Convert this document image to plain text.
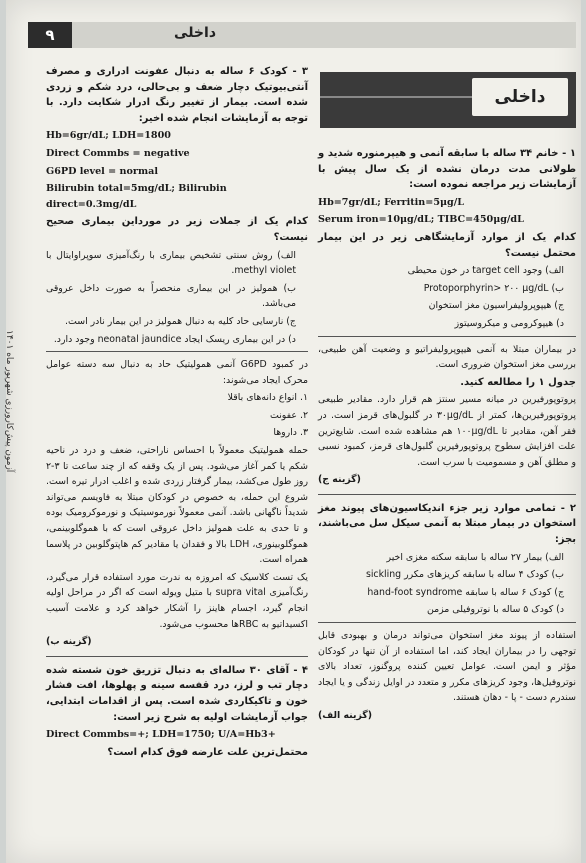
۹	داخلی
آزمون پیش‌کارورزی شهریور ماه ۱۴۰۱
داخلی

۱ - خانم ۳۴ ساله با سابقه آنمی و هیپرمنوره شدید و طولانی مدت درمان نشده از یک سال پیش با آزمایشات زیر مراجعه نموده است:

Hb=7gr/dL; Ferritin=5μg/L

Serum iron=10μg/dL; TIBC=450μg/dL

کدام یک از موارد آزمایشگاهی زیر در این بیمار محتمل نیست؟

الف) وجود target cell در خون محیطی

ب) Protoporphyrin> ۲۰۰ μg/dL

ج) هیپوپرولیفراسیون مغز استخوان

د) هیپوکرومی و میکروسیتوز

در بیماران مبتلا به آنمی هیپوپرولیفراتیو و وضعیت آهن طبیعی، بررسی مغز استخوان ضروری است.

جدول ۱ را مطالعه کنید.

پروتوپورفیرین در میانه مسیر سنتز هم قرار دارد. مقادیر طبیعی پروتوپورفیرین‌ها، کمتر از ۳۰μg/dL در گلبول‌های قرمز است. در فقر آهن، مقادیر تا ۱۰۰μg/dL هم مشاهده شده است. شایع‌ترین علت افزایش سطوح پروتوپورفیرین گلبول‌های قرمز، کمبود نسبی و مطلق آهن و مسمومیت با سرب است.

(گزینه ج)

۲ - تمامی موارد زیر جزء اندیکاسیون‌های پیوند مغز استخوان در بیمار مبتلا به آنمی سیکل سل می‌باشند، بجز:

الف) بیمار ۲۷ ساله با سابقه سکته مغزی اخیر

ب) کودک ۴ ساله با سابقه کریزهای مکرر sickling

ج) کودک ۶ ساله با سابقه hand-foot syndrome

د) کودک ۵ ساله با نوتروفیلی مزمن

استفاده از پیوند مغز استخوان می‌تواند درمان و بهبودی قابل توجهی را در بیماران ایجاد کند، اما استفاده از آن تنها در کودکان مؤثر و ایمن است. عوامل تعیین کننده پروگنوز، تعداد بالای نوتروفیل‌ها، وجود کریزهای مکرر و متعدد در اوایل زندگی و یا ایجاد سندرم دست - پا - دهان هستند.

(گزینه الف)

۳ - کودک ۶ ساله به دنبال عفونت ادراری و مصرف آنتی‌بیوتیک دچار ضعف و بی‌حالی، درد شکم و زردی شده است. بیمار از تغییر رنگ ادرار شکایت دارد. با توجه به آزمایشات انجام شده اخیر:

Hb=6gr/dL; LDH=1800

Direct Commbs = negative

G6PD level = normal

Bilirubin total=5mg/dL; Bilirubin direct=0.3mg/dL

کدام یک از جملات زیر در مورداین بیماری صحیح نیست؟

الف) روش سنتی تشخیص بیماری با رنگ‌آمیزی سوپراوایتال با methyl violet.

ب) همولیز در این بیماری منحصراً به صورت داخل عروقی می‌باشد.

ج) نارسایی حاد کلیه به دنبال همولیز در این بیمار نادر است.

د) در این بیماری ریسک ایجاد neonatal jaundice وجود دارد.

در کمبود G6PD آنمی همولیتیک حاد به دنبال سه دسته عوامل محرک ایجاد می‌شوند:

۱. انواع دانه‌های باقلا

۲. عفونت

۳. داروها

حمله همولیتیک معمولاً با احساس ناراحتی، ضعف و درد در ناحیه شکم یا کمر آغاز می‌شود. پس از یک وقفه که از چند ساعت تا ۳-۲ روز طول می‌کشد، بیمار گرفتار زردی شده و اغلب ادرار تیره است. شروع این حمله، به خصوص در کودکان مبتلا به فاویسم می‌تواند شدیداً ناگهانی باشد. آنمی معمولاً نورموسیتیک و نورموکرومیک بوده و تا حدی به علت همولیز داخل عروقی است که با هموگلوبینمی، هموگلوبینوری، LDH بالا و فقدان یا مقادیر کم هاپتوگلوبین در پلاسما همراه است.

یک تست کلاسیک که امروزه به ندرت مورد استفاده قرار می‌گیرد، رنگ‌آمیزی supra vital با متیل ویوله است که اگر در مراحل اولیه انجام گیرد، اجسام هاینز را آشکار خواهد کرد و علامت آسیب اکسیداتیو به RBC‌ها محسوب می‌شود.

(گزینه ب)

۴ - آقای ۳۰ ساله‌ای به دنبال تزریق خون شسته شده دچار تب و لرز، درد قفسه سینه و پهلوها، افت فشار خون و تاکیکاردی شده است. پس از اقدامات ابتدایی، جواب آزمایشات اولیه به شرح زیر است:

Direct Commbs=+; LDH=1750; U/A=Hb3+

محتمل‌ترین علت عارضه فوق کدام است؟
